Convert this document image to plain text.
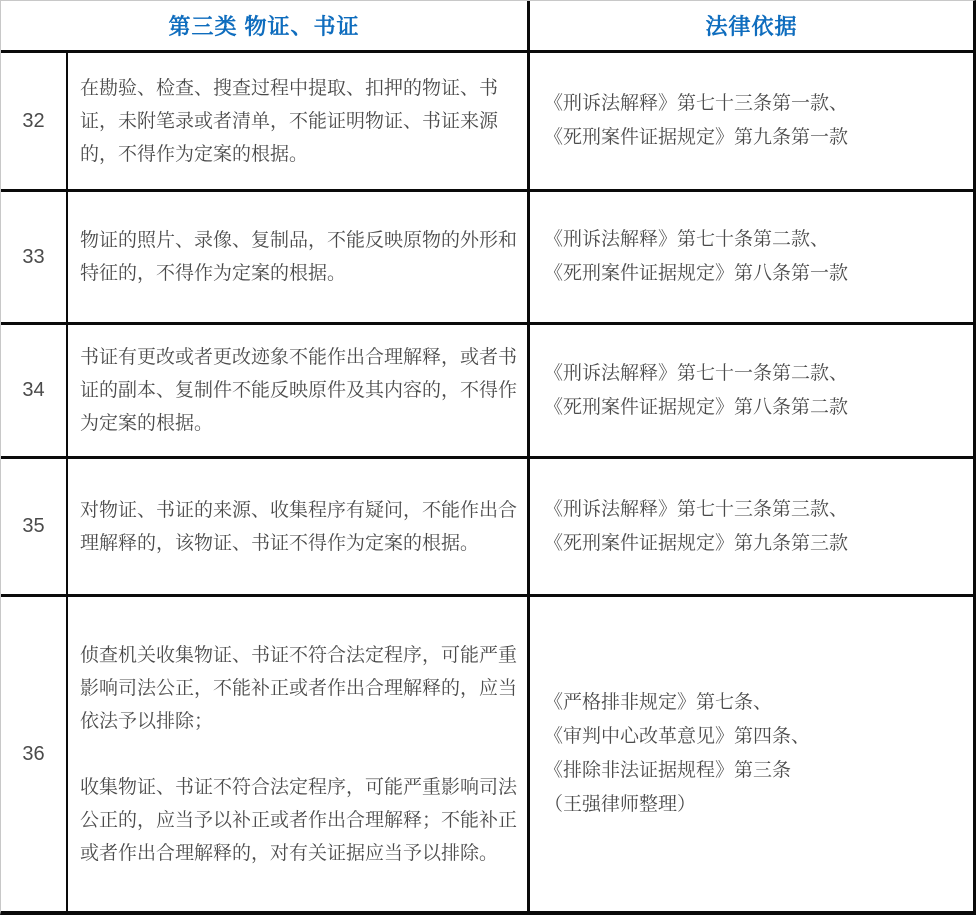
第三类 物证、书证	法律依据
32

在勘验、检查、搜查过程中提取、扣押的物证、书证，未附笔录或者清单，不能证明物证、书证来源的，不得作为定案的根据。

《刑诉法解释》第七十三条第一款、
《死刑案件证据规定》第九条第一款
33

物证的照片、录像、复制品，不能反映原物的外形和特征的，不得作为定案的根据。

《刑诉法解释》第七十条第二款、
《死刑案件证据规定》第八条第一款
34

书证有更改或者更改迹象不能作出合理解释，或者书证的副本、复制件不能反映原件及其内容的，不得作为定案的根据。

《刑诉法解释》第七十一条第二款、
《死刑案件证据规定》第八条第二款
35

对物证、书证的来源、收集程序有疑问，不能作出合理解释的，该物证、书证不得作为定案的根据。

《刑诉法解释》第七十三条第三款、
《死刑案件证据规定》第九条第三款
36

侦查机关收集物证、书证不符合法定程序，可能严重影响司法公正，不能补正或者作出合理解释的，应当依法予以排除；

收集物证、书证不符合法定程序，可能严重影响司法公正的，应当予以补正或者作出合理解释；不能补正或者作出合理解释的，对有关证据应当予以排除。

《严格排非规定》第七条、
《审判中心改革意见》第四条、
《排除非法证据规程》第三条
（王强律师整理）
